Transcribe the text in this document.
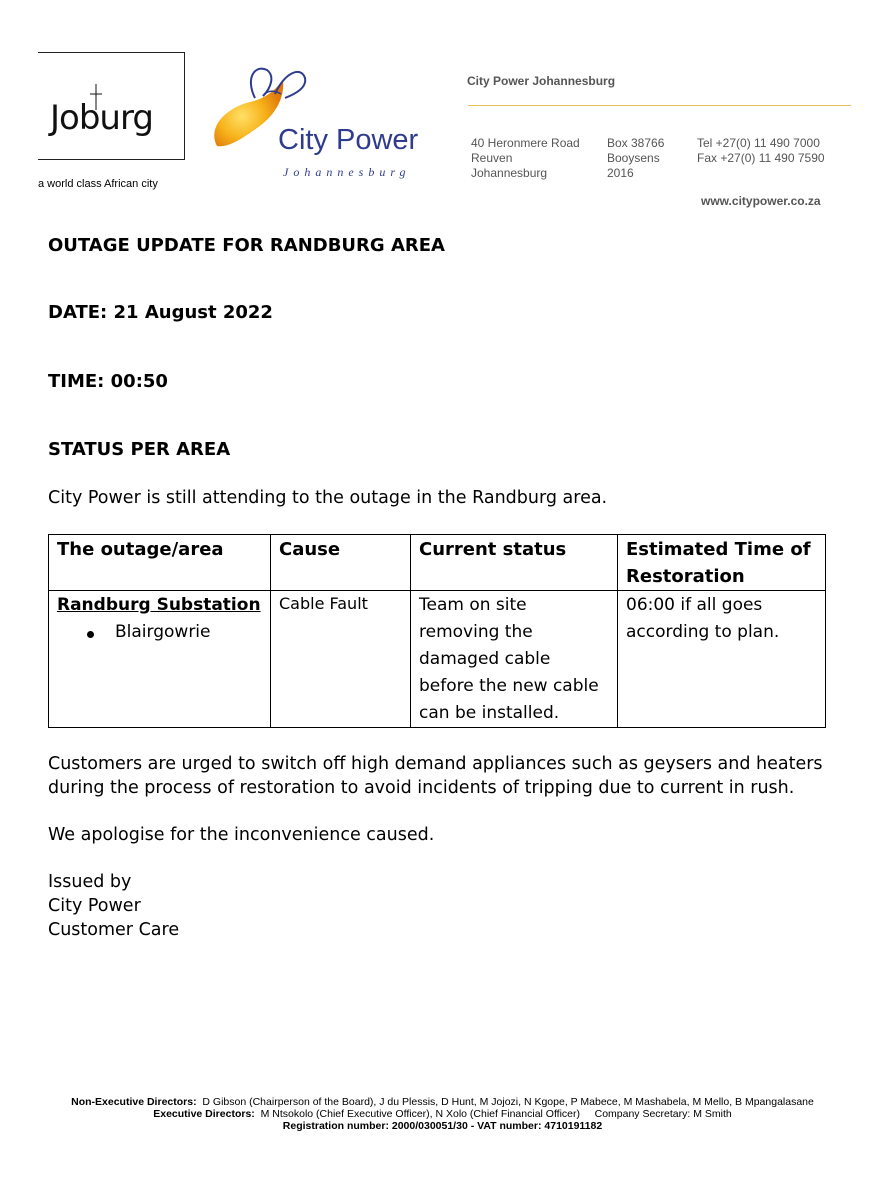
Joburg
a world class African city
City Power
Johannesburg
City Power Johannesburg
40 Heronmere Road
Reuven
Johannesburg
Box 38766
Booysens
2016
Tel +27(0) 11 490 7000
Fax +27(0) 11 490 7590
www.citypower.co.za
OUTAGE UPDATE FOR RANDBURG AREA
DATE: 21 August 2022
TIME: 00:50
STATUS PER AREA
City Power is still attending to the outage in the Randburg area.
The outage/area	Cause	Current status	Estimated Time of Restoration

Randburg Substation
Blairgowrie	Cable Fault	Team on site removing the damaged cable before the new cable can be installed.	06:00 if all goes according to plan.
Customers are urged to switch off high demand appliances such as geysers and heaters during the process of restoration to avoid incidents of tripping due to current in rush.
We apologise for the inconvenience caused.
Issued by
City Power
Customer Care
Non-Executive Directors: D Gibson (Chairperson of the Board), J du Plessis, D Hunt, M Jojozi, N Kgope, P Mabece, M Mashabela, M Mello, B Mpangalasane
Executive Directors: M Ntsokolo (Chief Executive Officer), N Xolo (Chief Financial Officer) Company Secretary: M Smith
Registration number: 2000/030051/30 - VAT number: 4710191182
